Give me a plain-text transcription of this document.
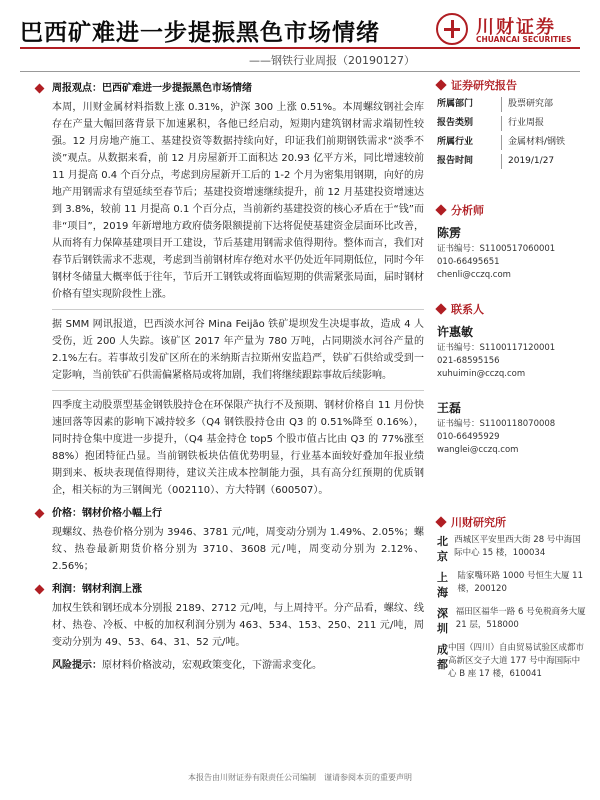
巴西矿难进一步提振黑色市场情绪	川财证券
CHUANCAI SECURITIES
——钢铁行业周报（20190127）
周报观点：巴西矿难进一步提振黑色市场情绪
本周，川财金属材料指数上涨 0.31%，沪深 300 上涨 0.51%。本周螺纹钢社会库存在产量大幅回落背景下加速累积，各他已经启动，短期内建筑钢材需求端韧性较强。12 月房地产施工、基建投资等数据持续向好，印证我们前期钢铁需求“淡季不淡”观点。从数据来看，前 12 月房屋新开工面积达 20.93 亿平方米，同比增速较前 11 月提高 0.4 个百分点，考虑到房屋新开工后的 1-2 个月为密集用钢期，向好的房地产用钢需求有望延续至春节后；基建投资增速继续提升，前 12 月基建投资增速达到 3.8%，较前 11 月提高 0.1 个百分点，当前新约基建投资的核心矛盾在于“钱”而非“项目”，2019 年新增地方政府债务限额提前下达将促使基建资金层面环比改善，从而将有力保障基建项目开工建设，节后基建用钢需求值得期待。整体而言，我们对春节后钢铁需求不悲观，考虑到当前钢材库存绝对水平仍处近年同期低位，同时今年钢材冬储量大概率低于往年，节后开工钢铁或将面临短期的供需紧张局面，届时钢材价格有望实现阶段性上涨。
据 SMM 网讯报道，巴西淡水河谷 Mina Feijão 铁矿堤坝发生决堤事故，造成 4 人受伤，近 200 人失踪。该矿区 2017 年产量为 780 万吨，占同期淡水河谷产量的 2.1%左右。若事故引发矿区所在的米纳斯吉拉斯州安监趋严，铁矿石供给或受到一定影响，当前铁矿石供需偏紧格局或将加剧，我们将继续跟踪事故后续影响。
四季度主动股票型基金钢铁股持仓在环保限产执行不及预期、钢材价格自 11 月份快速回落等因素的影响下减持较多（Q4 钢铁股持仓由 Q3 的 0.51%降至 0.16%），同时持仓集中度进一步提升，（Q4 基金持仓 top5 个股市值占比由 Q3 的 77%涨至 88%）抱团特征凸显。当前钢铁板块估值优势明显，行业基本面较好叠加年报业绩期到来、板块表现值得期待，建议关注成本控制能力强，具有高分红预期的优质钢企，相关标的为三钢闽光（002110）、方大特钢（600507）。
价格：钢材价格小幅上行
现螺纹、热卷价格分别为 3946、3781 元/吨，周变动分别为 1.49%、2.05%；螺纹、热卷最新期货价格分别为 3710、3608 元/吨，周变动分别为 2.12%、2.56%；
利润：钢材利润上涨
加权生铁和钢坯成本分别报 2189、2712 元/吨，与上周持平。分产品看，螺纹、线材、热卷、冷板、中板的加权利润分别为 463、534、153、250、211 元/吨，周变动分别为 49、53、64、31、52 元/吨。
风险提示：原材料价格波动，宏观政策变化，下游需求变化。
证券研究报告
所属部门	股票研究部
报告类别	行业周报
所属行业	金属材料/钢铁
报告时间	2019/1/27
分析师
陈雳
证书编号：S1100517060001
010-66495651
chenli@cczq.com
联系人
许惠敏
证书编号：S1100117120001
021-68595156
xuhuimin@cczq.com
王磊
证书编号：S1100118070008
010-66495929
wanglei@cczq.com
川财研究所
北京
西城区平安里西大街 28 号中海国际中心 15 楼，100034
上海
陆家嘴环路 1000 号恒生大厦 11 楼，200120
深圳
福田区福华一路 6 号免税商务大厦 21 层，518000
成都
中国（四川）自由贸易试验区成都市高新区交子大道 177 号中海国际中心 B 座 17 楼，610041
本报告由川财证券有限责任公司编制　谨请参阅本页的重要声明
